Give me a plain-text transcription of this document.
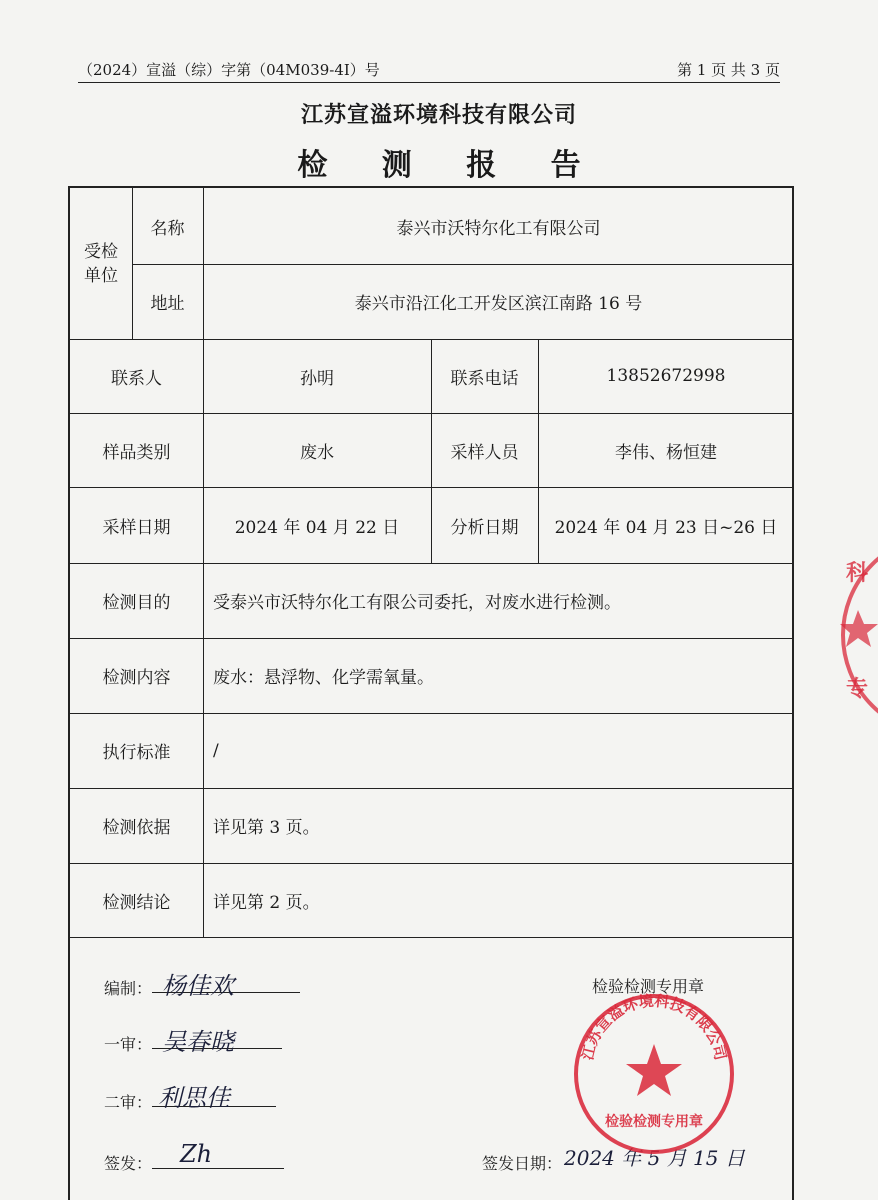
（2024）宣溢（综）字第（04M039-4I）号	第 1 页 共 3 页
江苏宣溢环境科技有限公司
检 测 报 告
受检
单位
名称	泰兴市沃特尔化工有限公司
地址	泰兴市沿江化工开发区滨江南路 16 号
联系人	孙明	联系电话	13852672998
样品类别	废水	采样人员	李伟、杨恒建
采样日期	2024 年 04 月 22 日	分析日期	2024 年 04 月 23 日~26 日
检测目的	受泰兴市沃特尔化工有限公司委托，对废水进行检测。
检测内容	废水：悬浮物、化学需氧量。
执行标准	/
检测依据	详见第 3 页。
检测结论	详见第 2 页。
编制： 杨佳欢
一审： 吴春晓
二审： 利思佳
签发： Zh
检验检测专用章
签发日期： 2024 年 5 月 15 日
江苏宣溢环境科技有限公司
检验检测专用章
科
专
